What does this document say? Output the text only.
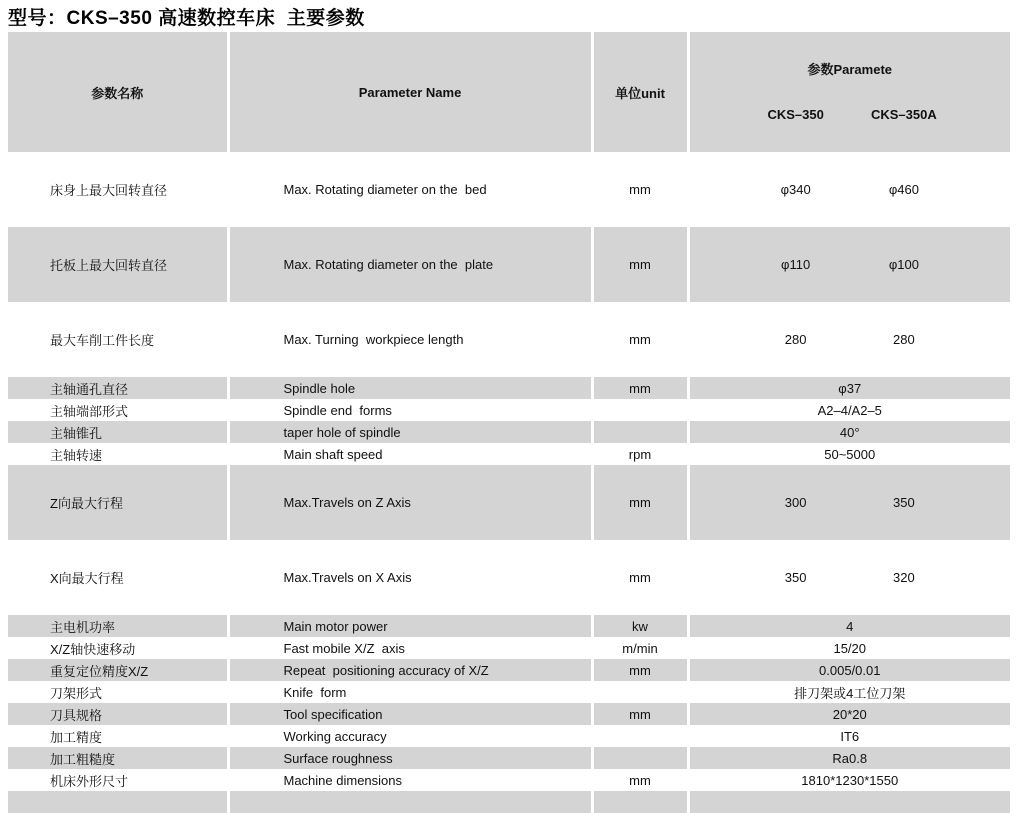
型号：CKS–350 高速数控车床  主要参数
参数名称	Parameter Name	单位unit	参数Paramete

CKS–350 CKS–350A

床身上最大回转直径	Max. Rotating diameter on the  bed	mm	φ340 φ460

托板上最大回转直径	Max. Rotating diameter on the  plate	mm	φ110 φ100

最大车削工件长度	Max. Turning  workpiece length	mm	280 280

主轴通孔直径	Spindle hole	mm	φ37
主轴端部形式	Spindle end  forms		A2–4/A2–5
主轴锥孔	taper hole of spindle		40°
主轴转速	Main shaft speed	rpm	50~5000
Z向最大行程	Max.Travels on Z Axis	mm	300 350

X向最大行程	Max.Travels on X Axis	mm	350 320

主电机功率	Main motor power	kw	4
X/Z轴快速移动	Fast mobile X/Z  axis	m/min	15/20
重复定位精度X/Z	Repeat  positioning accuracy of X/Z	mm	0.005/0.01
刀架形式	Knife  form		排刀架或4工位刀架
刀具规格	Tool specification	mm	20*20
加工精度	Working accuracy		IT6
加工粗糙度	Surface roughness		Ra0.8
机床外形尺寸	Machine dimensions	mm	1810*1230*1550
